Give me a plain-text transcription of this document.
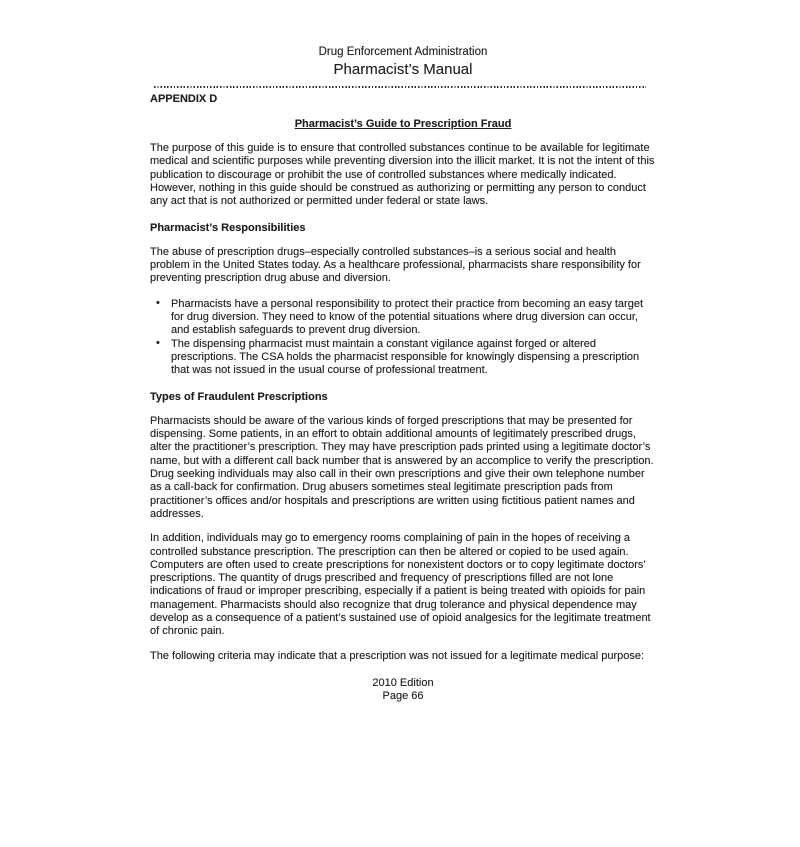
Drug Enforcement Administration
Pharmacist’s Manual
APPENDIX D
Pharmacist’s Guide to Prescription Fraud

The purpose of this guide is to ensure that controlled substances continue to be available for legitimate medical and scientific purposes while preventing diversion into the illicit market. It is not the intent of this publication to discourage or prohibit the use of controlled substances where medically indicated. However, nothing in this guide should be construed as authorizing or permitting any person to conduct any act that is not authorized or permitted under federal or state laws.

Pharmacist’s Responsibilities

The abuse of prescription drugs–especially controlled substances–is a serious social and health problem in the United States today. As a healthcare professional, pharmacists share responsibility for preventing prescription drug abuse and diversion.

• Pharmacists have a personal responsibility to protect their practice from becoming an easy target for drug diversion. They need to know of the potential situations where drug diversion can occur, and establish safeguards to prevent drug diversion.
• The dispensing pharmacist must maintain a constant vigilance against forged or altered prescriptions. The CSA holds the pharmacist responsible for knowingly dispensing a prescription that was not issued in the usual course of professional treatment.
Types of Fraudulent Prescriptions

Pharmacists should be aware of the various kinds of forged prescriptions that may be presented for dispensing. Some patients, in an effort to obtain additional amounts of legitimately prescribed drugs, alter the practitioner’s prescription. They may have prescription pads printed using a legitimate doctor’s name, but with a different call back number that is answered by an accomplice to verify the prescription. Drug seeking individuals may also call in their own prescriptions and give their own telephone number as a call-back for confirmation. Drug abusers sometimes steal legitimate prescription pads from practitioner’s offices and/or hospitals and prescriptions are written using fictitious patient names and addresses.

In addition, individuals may go to emergency rooms complaining of pain in the hopes of receiving a controlled substance prescription. The prescription can then be altered or copied to be used again. Computers are often used to create prescriptions for nonexistent doctors or to copy legitimate doctors’ prescriptions. The quantity of drugs prescribed and frequency of prescriptions filled are not lone indications of fraud or improper prescribing, especially if a patient is being treated with opioids for pain management. Pharmacists should also recognize that drug tolerance and physical dependence may develop as a consequence of a patient’s sustained use of opioid analgesics for the legitimate treatment of chronic pain.

The following criteria may indicate that a prescription was not issued for a legitimate medical purpose:

2010 Edition
Page 66
